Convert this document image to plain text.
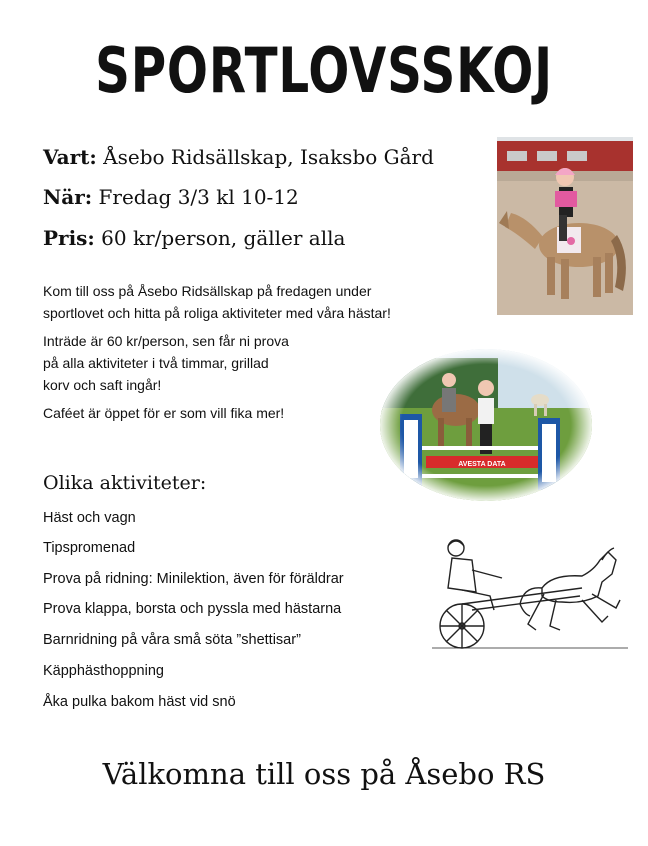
SPORTLOVSSKOJ
Vart: Åsebo Ridsällskap, Isaksbo Gård
När: Fredag 3/3 kl 10-12
Pris: 60 kr/person, gäller alla
Kom till oss på Åsebo Ridsällskap på fredagen under
sportlovet och hitta på roliga aktiviteter med våra hästar!
Inträde är 60 kr/person, sen får ni prova
på alla aktiviteter i två timmar, grillad
korv och saft ingår!
Caféet är öppet för er som vill fika mer!
Olika aktiviteter:
Häst och vagn
Tipspromenad
Prova på ridning: Minilektion, även för föräldrar
Prova klappa, borsta och pyssla med hästarna
Barnridning på våra små söta ”shettisar”
Käpphästhoppning
Åka pulka bakom häst vid snö
Välkomna till oss på Åsebo RS
